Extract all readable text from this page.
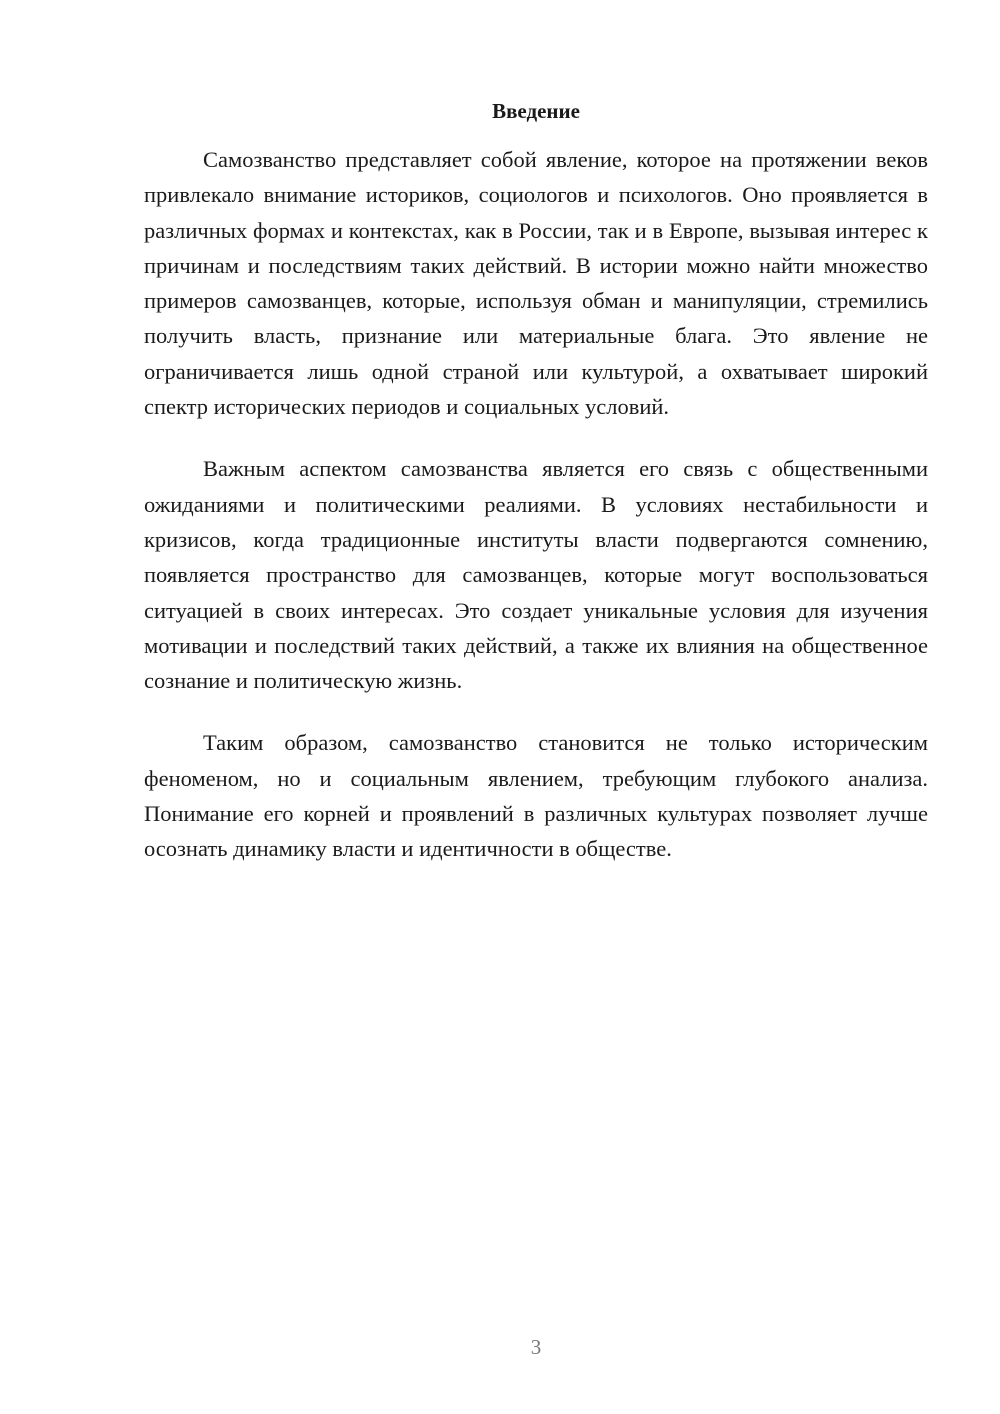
Введение

Самозванство представляет собой явление, которое на протяжении веков привлекало внимание историков, социологов и психологов. Оно проявляется в различных формах и контекстах, как в России, так и в Европе, вызывая интерес к причинам и последствиям таких действий. В истории можно найти множество примеров самозванцев, которые, используя обман и манипуляции, стремились получить власть, признание или материальные блага. Это явление не ограничивается лишь одной страной или культурой, а охватывает широкий спектр исторических периодов и социальных условий.

Важным аспектом самозванства является его связь с общественными ожиданиями и политическими реалиями. В условиях нестабильности и кризисов, когда традиционные институты власти подвергаются сомнению, появляется пространство для самозванцев, которые могут воспользоваться ситуацией в своих интересах. Это создает уникальные условия для изучения мотивации и последствий таких действий, а также их влияния на общественное сознание и политическую жизнь.

Таким образом, самозванство становится не только историческим феноменом, но и социальным явлением, требующим глубокого анализа. Понимание его корней и проявлений в различных культурах позволяет лучше осознать динамику власти и идентичности в обществе.

3
